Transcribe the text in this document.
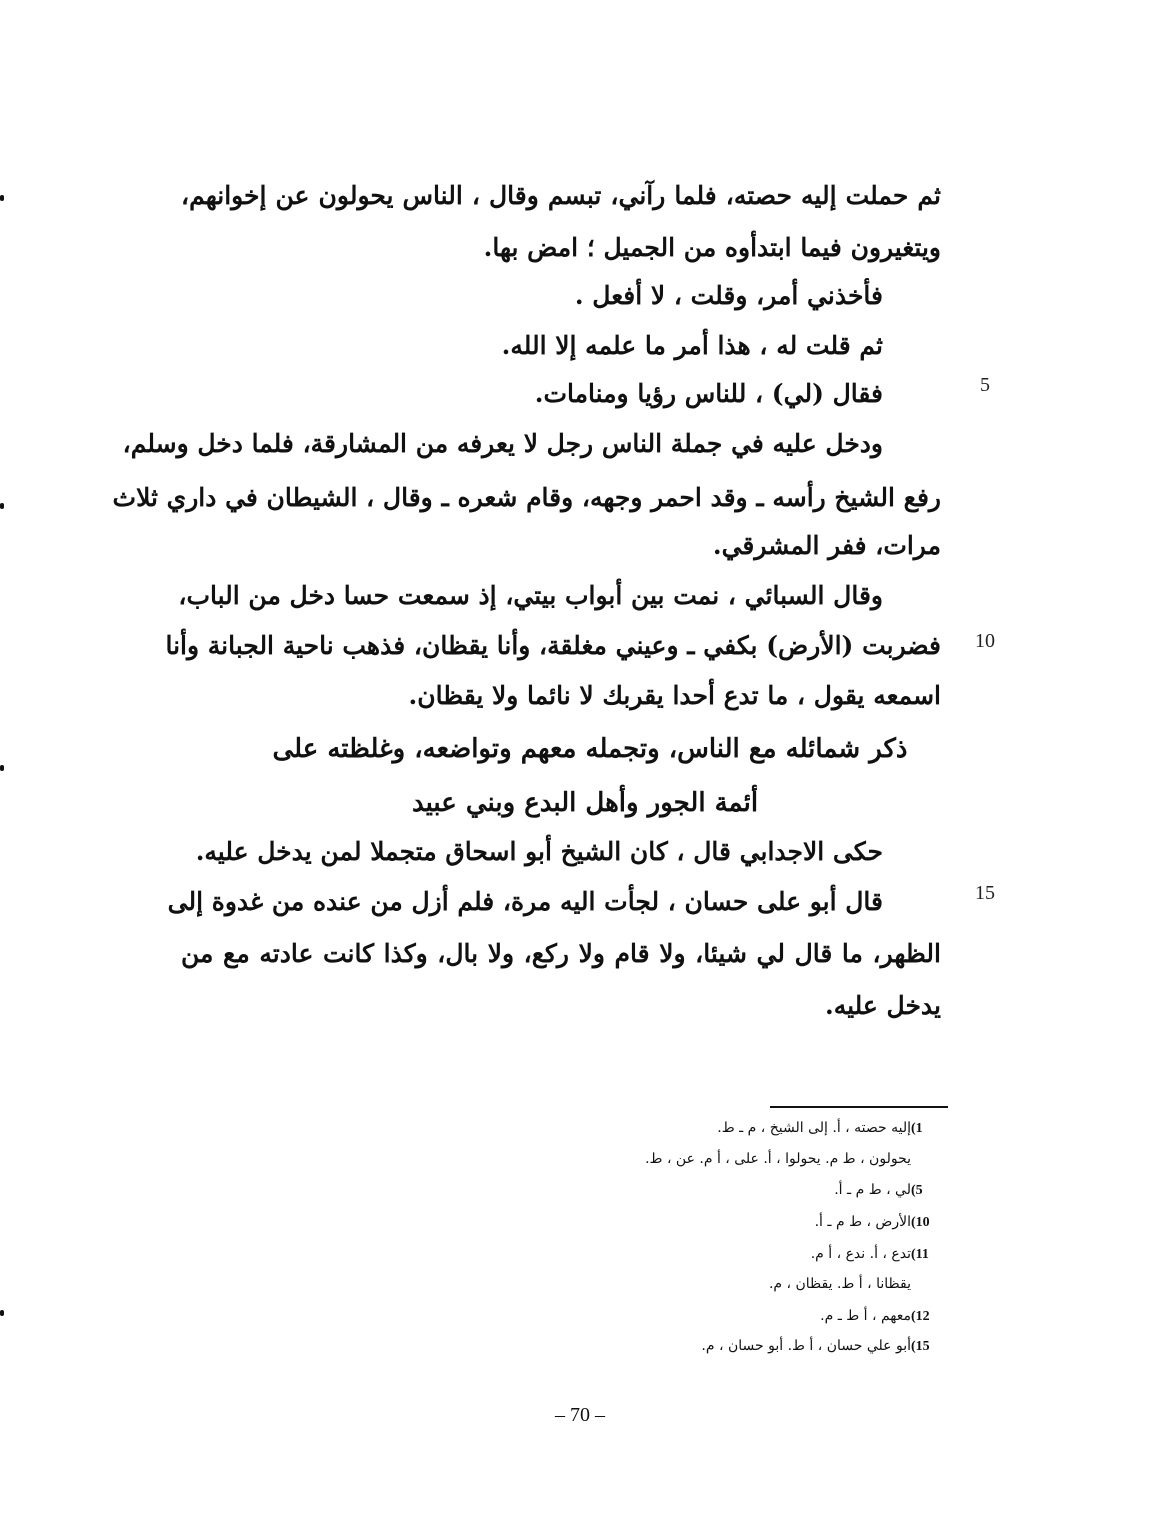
ثم حملت إليه حصته، فلما رآني، تبسم وقال ، الناس يحولون عن إخوانهم،
ويتغيرون فيما ابتدأوه من الجميل ؛ امض بها.
فأخذني أمر، وقلت ، لا أفعل .
ثم قلت له ، هذا أمر ما علمه إلا الله.
فقال (لي) ، للناس رؤيا ومنامات.
ودخل عليه في جملة الناس رجل لا يعرفه من المشارقة، فلما دخل وسلم،
رفع الشيخ رأسه ـ وقد احمر وجهه، وقام شعره ـ وقال ، الشيطان في داري ثلاث
مرات، ففر المشرقي.
وقال السبائي ، نمت بين أبواب بيتي، إذ سمعت حسا دخل من الباب،
فضربت (الأرض) بكفي ـ وعيني مغلقة، وأنا يقظان، فذهب ناحية الجبانة وأنا
اسمعه يقول ، ما تدع أحدا يقربك لا نائما ولا يقظان.
5
10
15
ذكر شمائله مع الناس، وتجمله معهم وتواضعه، وغلظته على
أئمة الجور وأهل البدع وبني عبيد
حكى الاجدابي قال ، كان الشيخ أبو اسحاق متجملا لمن يدخل عليه.
قال أبو على حسان ، لجأت اليه مرة، فلم أزل من عنده من غدوة إلى
الظهر، ما قال لي شيئا، ولا قام ولا ركع، ولا بال، وكذا كانت عادته مع من
يدخل عليه.
1)إليه حصته ، أ. إلى الشيخ ، م ـ ط.
يحولون ، ط م. يحولوا ، أ. على ، أ م. عن ، ط.
5)لي ، ط م ـ أ.
10)الأرض ، ط م ـ أ.
11)تدع ، أ. ندع ، أ م.
يقظانا ، أ ط. يقظان ، م.
12)معهم ، أ ط ـ م.
15)أبو علي حسان ، أ ط. أبو حسان ، م.
– 70 –
